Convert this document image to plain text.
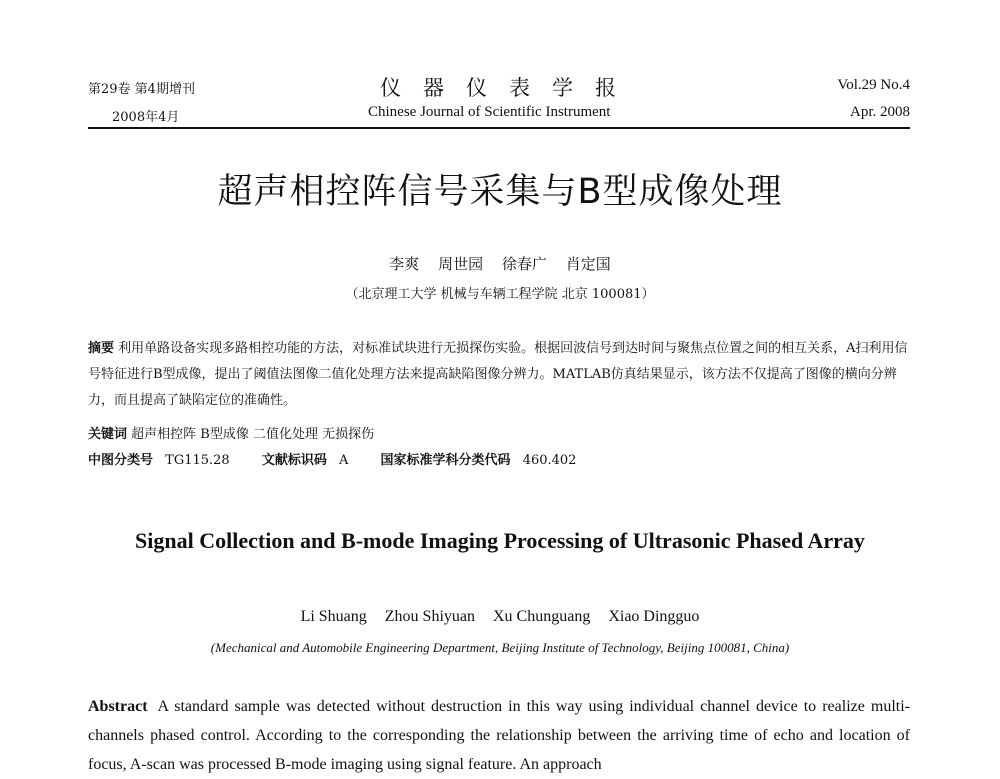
第29卷 第4期增刊
2008年4月
仪器仪表学报
Chinese Journal of Scientific Instrument
Vol.29 No.4
Apr. 2008
超声相控阵信号采集与B型成像处理
李爽 周世园 徐春广 肖定国
（北京理工大学 机械与车辆工程学院 北京 100081）
摘要 利用单路设备实现多路相控功能的方法，对标准试块进行无损探伤实验。根据回波信号到达时间与聚焦点位置之间的相互关系，A扫利用信号特征进行B型成像，提出了阈值法图像二值化处理方法来提高缺陷图像分辨力。MATLAB仿真结果显示，该方法不仅提高了图像的横向分辨力，而且提高了缺陷定位的准确性。
关键词 超声相控阵 B型成像 二值化处理 无损探伤
中图分类号 TG115.28 文献标识码 A 国家标准学科分类代码 460.402
Signal Collection and B-mode Imaging Processing of Ultrasonic Phased Array
Li Shuang Zhou Shiyuan Xu Chunguang Xiao Dingguo
(Mechanical and Automobile Engineering Department, Beijing Institute of Technology, Beijing 100081, China)
Abstract A standard sample was detected without destruction in this way using individual channel device to realize multi-channels phased control. According to the corresponding the relationship between the arriving time of echo and location of focus, A-scan was processed B-mode imaging using signal feature. An approach
